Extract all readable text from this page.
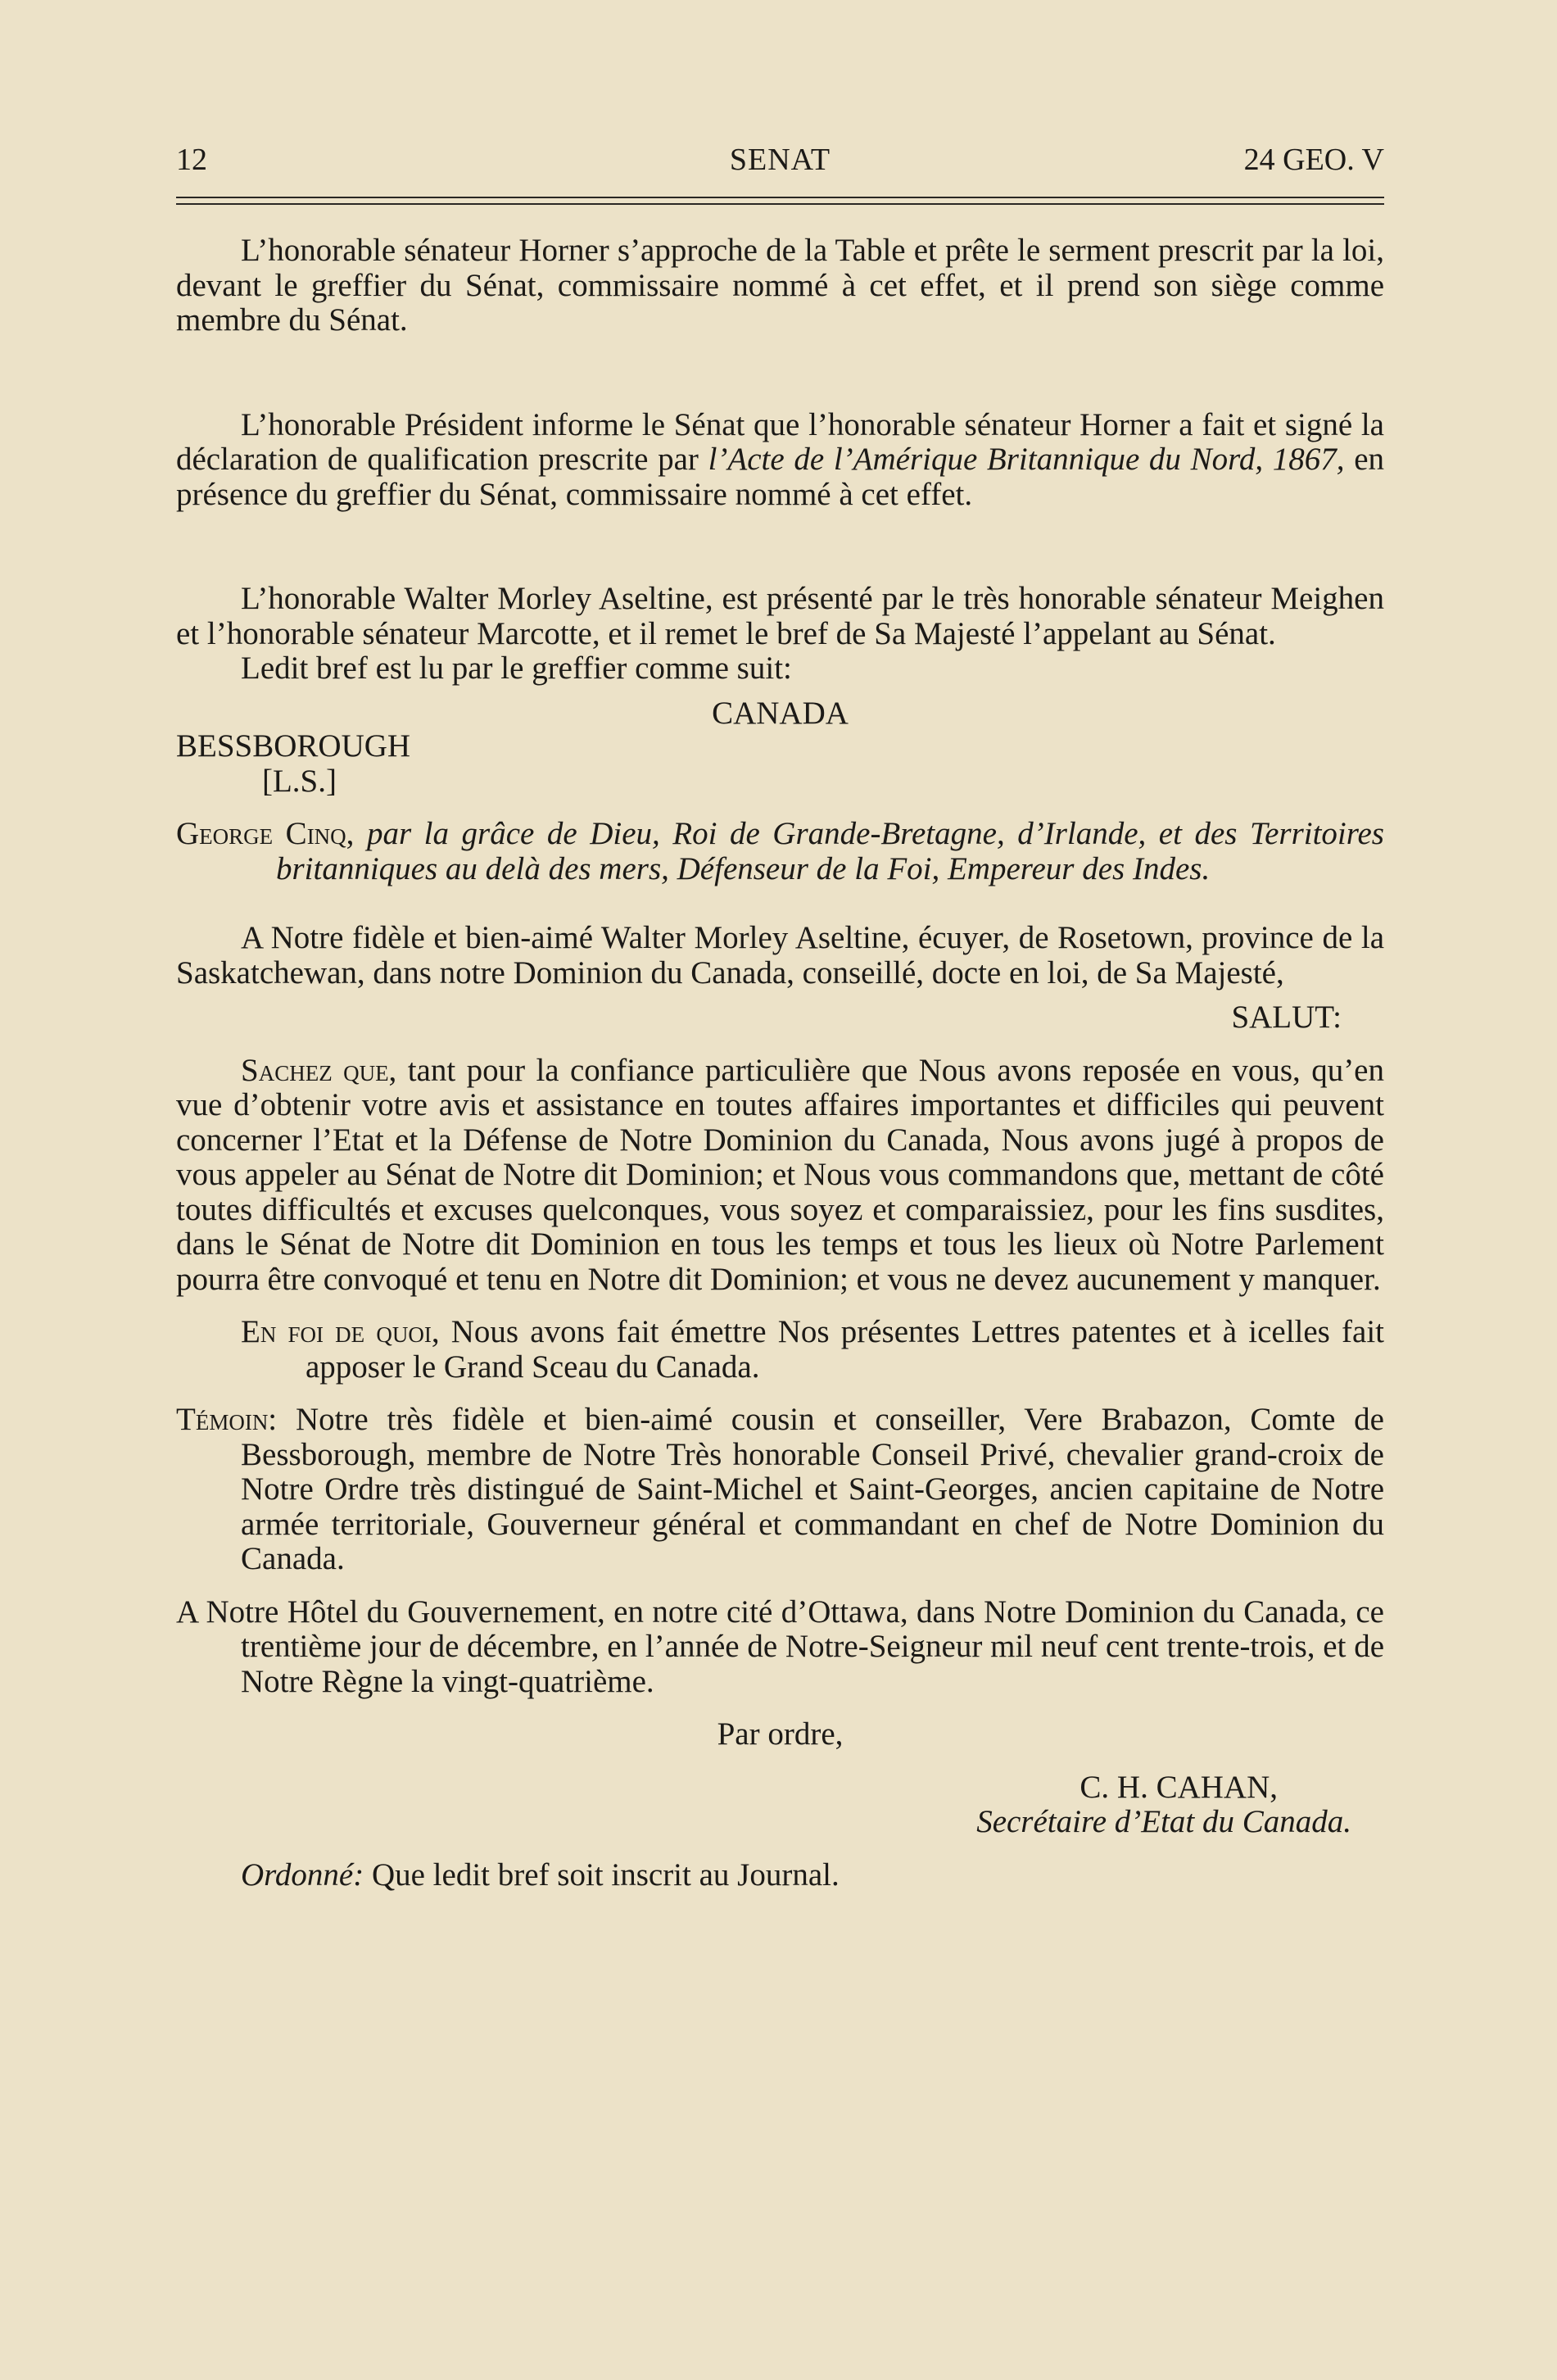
12	SENAT	24 GEO. V

L’honorable sénateur Horner s’approche de la Table et prête le serment prescrit par la loi, devant le greffier du Sénat, commissaire nommé à cet effet, et il prend son siège comme membre du Sénat.

L’honorable Président informe le Sénat que l’honorable sénateur Horner a fait et signé la déclaration de qualification prescrite par l’Acte de l’Amérique Britannique du Nord, 1867, en présence du greffier du Sénat, commissaire nommé à cet effet.

L’honorable Walter Morley Aseltine, est présenté par le très honorable sénateur Meighen et l’honorable sénateur Marcotte, et il remet le bref de Sa Majesté l’appelant au Sénat.

Ledit bref est lu par le greffier comme suit:

CANADA

BESSBOROUGH

[L.S.]

George Cinq, par la grâce de Dieu, Roi de Grande-Bretagne, d’Irlande, et des Territoires britanniques au delà des mers, Défenseur de la Foi, Empereur des Indes.

A Notre fidèle et bien-aimé Walter Morley Aseltine, écuyer, de Rosetown, province de la Saskatchewan, dans notre Dominion du Canada, conseillé, docte en loi, de Sa Majesté,

SALUT:

Sachez que, tant pour la confiance particulière que Nous avons reposée en vous, qu’en vue d’obtenir votre avis et assistance en toutes affaires importantes et difficiles qui peuvent concerner l’Etat et la Défense de Notre Dominion du Canada, Nous avons jugé à propos de vous appeler au Sénat de Notre dit Dominion; et Nous vous commandons que, mettant de côté toutes difficultés et excuses quelconques, vous soyez et comparaissiez, pour les fins susdites, dans le Sénat de Notre dit Dominion en tous les temps et tous les lieux où Notre Parlement pourra être convoqué et tenu en Notre dit Dominion; et vous ne devez aucunement y manquer.

En foi de quoi, Nous avons fait émettre Nos présentes Lettres patentes et à icelles fait apposer le Grand Sceau du Canada.

Témoin: Notre très fidèle et bien-aimé cousin et conseiller, Vere Brabazon, Comte de Bessborough, membre de Notre Très honorable Conseil Privé, chevalier grand-croix de Notre Ordre très distingué de Saint-Michel et Saint-Georges, ancien capitaine de Notre armée territoriale, Gouverneur général et commandant en chef de Notre Dominion du Canada.

A Notre Hôtel du Gouvernement, en notre cité d’Ottawa, dans Notre Dominion du Canada, ce trentième jour de décembre, en l’année de Notre-Seigneur mil neuf cent trente-trois, et de Notre Règne la vingt-quatrième.

Par ordre,

C. H. CAHAN,

Secrétaire d’Etat du Canada.

Ordonné: Que ledit bref soit inscrit au Journal.
